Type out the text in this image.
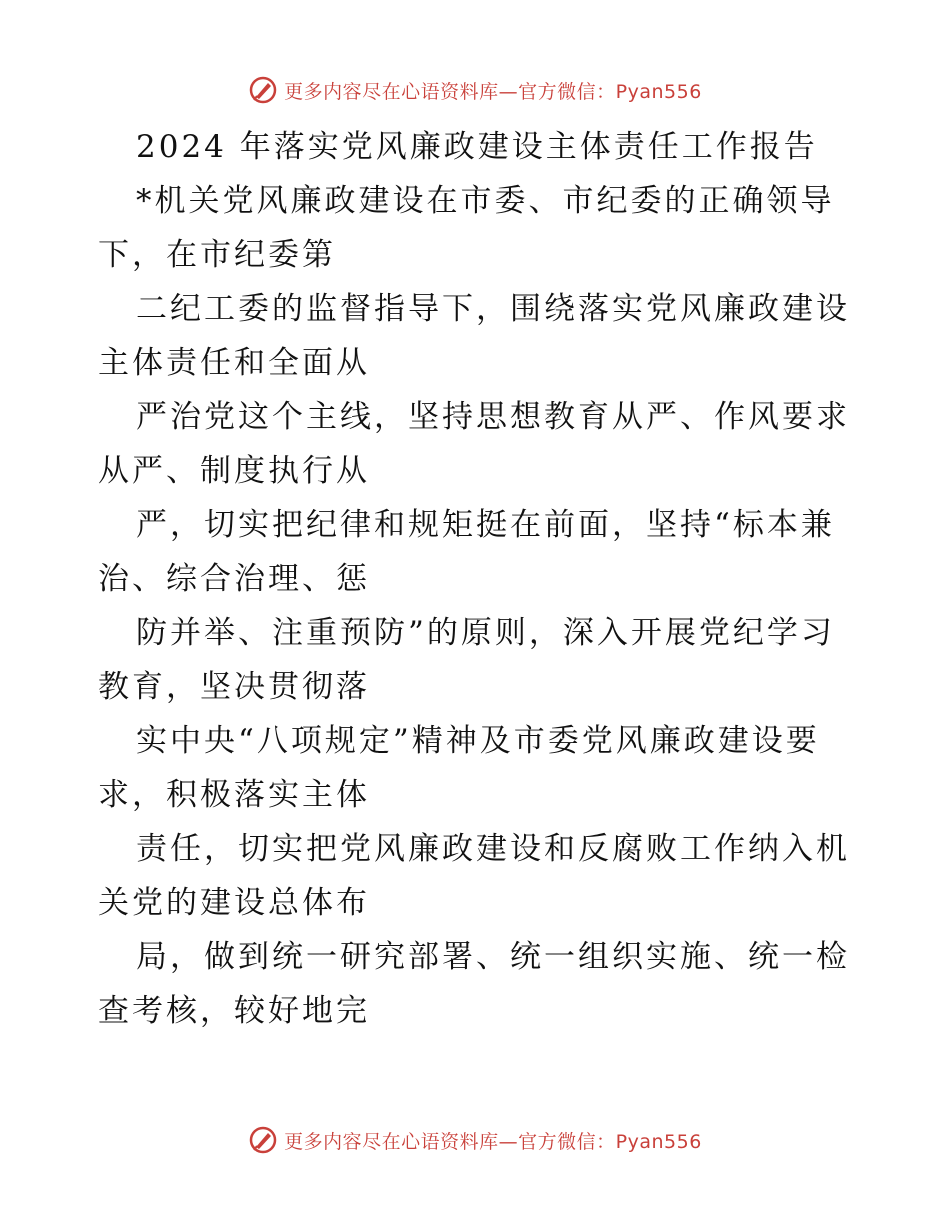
更多内容尽在心语资料库—官方微信：Pyan556
2024 年落实党风廉政建设主体责任工作报告
*机关党风廉政建设在市委、市纪委的正确领导
下，在市纪委第
二纪工委的监督指导下，围绕落实党风廉政建设
主体责任和全面从
严治党这个主线，坚持思想教育从严、作风要求
从严、制度执行从
严，切实把纪律和规矩挺在前面，坚持“标本兼
治、综合治理、惩
防并举、注重预防”的原则，深入开展党纪学习
教育，坚决贯彻落
实中央“八项规定”精神及市委党风廉政建设要
求，积极落实主体
责任，切实把党风廉政建设和反腐败工作纳入机
关党的建设总体布
局，做到统一研究部署、统一组织实施、统一检
查考核，较好地完
更多内容尽在心语资料库—官方微信：Pyan556
